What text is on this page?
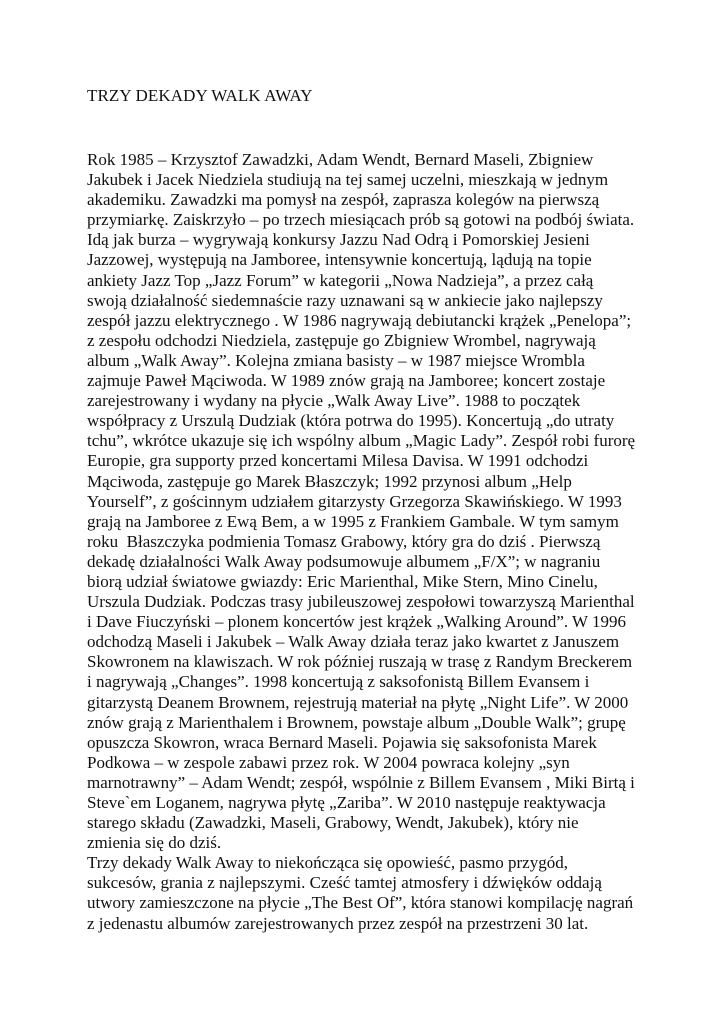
TRZY DEKADY WALK AWAY
Rok 1985 – Krzysztof Zawadzki, Adam Wendt, Bernard Maseli, Zbigniew
Jakubek i Jacek Niedziela studiują na tej samej uczelni, mieszkają w jednym
akademiku. Zawadzki ma pomysł na zespół, zaprasza kolegów na pierwszą
przymiarkę. Zaiskrzyło – po trzech miesiącach prób są gotowi na podbój świata.
Idą jak burza – wygrywają konkursy Jazzu Nad Odrą i Pomorskiej Jesieni
Jazzowej, występują na Jamboree, intensywnie koncertują, lądują na topie
ankiety Jazz Top „Jazz Forum” w kategorii „Nowa Nadzieja”, a przez całą
swoją działalność siedemnaście razy uznawani są w ankiecie jako najlepszy
zespół jazzu elektrycznego . W 1986 nagrywają debiutancki krążek „Penelopa”;
z zespołu odchodzi Niedziela, zastępuje go Zbigniew Wrombel, nagrywają
album „Walk Away”. Kolejna zmiana basisty – w 1987 miejsce Wrombla
zajmuje Paweł Mąciwoda. W 1989 znów grają na Jamboree; koncert zostaje
zarejestrowany i wydany na płycie „Walk Away Live”. 1988 to początek
współpracy z Urszulą Dudziak (która potrwa do 1995). Koncertują „do utraty
tchu”, wkrótce ukazuje się ich wspólny album „Magic Lady”. Zespół robi furorę
Europie, gra supporty przed koncertami Milesa Davisa. W 1991 odchodzi
Mąciwoda, zastępuje go Marek Błaszczyk; 1992 przynosi album „Help
Yourself”, z gościnnym udziałem gitarzysty Grzegorza Skawińskiego. W 1993
grają na Jamboree z Ewą Bem, a w 1995 z Frankiem Gambale. W tym samym
roku  Błaszczyka podmienia Tomasz Grabowy, który gra do dziś . Pierwszą
dekadę działalności Walk Away podsumowuje albumem „F/X”; w nagraniu
biorą udział światowe gwiazdy: Eric Marienthal, Mike Stern, Mino Cinelu,
Urszula Dudziak. Podczas trasy jubileuszowej zespołowi towarzyszą Marienthal
i Dave Fiuczyński – plonem koncertów jest krążek „Walking Around”. W 1996
odchodzą Maseli i Jakubek – Walk Away działa teraz jako kwartet z Januszem
Skowronem na klawiszach. W rok później ruszają w trasę z Randym Breckerem
i nagrywają „Changes”. 1998 koncertują z saksofonistą Billem Evansem i
gitarzystą Deanem Brownem, rejestrują materiał na płytę „Night Life”. W 2000
znów grają z Marienthalem i Brownem, powstaje album „Double Walk”; grupę
opuszcza Skowron, wraca Bernard Maseli. Pojawia się saksofonista Marek
Podkowa – w zespole zabawi przez rok. W 2004 powraca kolejny „syn
marnotrawny” – Adam Wendt; zespół, wspólnie z Billem Evansem , Miki Birtą i
Steve`em Loganem, nagrywa płytę „Zariba”. W 2010 następuje reaktywacja
starego składu (Zawadzki, Maseli, Grabowy, Wendt, Jakubek), który nie
zmienia się do dziś.
Trzy dekady Walk Away to niekończąca się opowieść, pasmo przygód,
sukcesów, grania z najlepszymi. Cześć tamtej atmosfery i dźwięków oddają
utwory zamieszczone na płycie „The Best Of”, która stanowi kompilację nagrań
z jedenastu albumów zarejestrowanych przez zespół na przestrzeni 30 lat.
